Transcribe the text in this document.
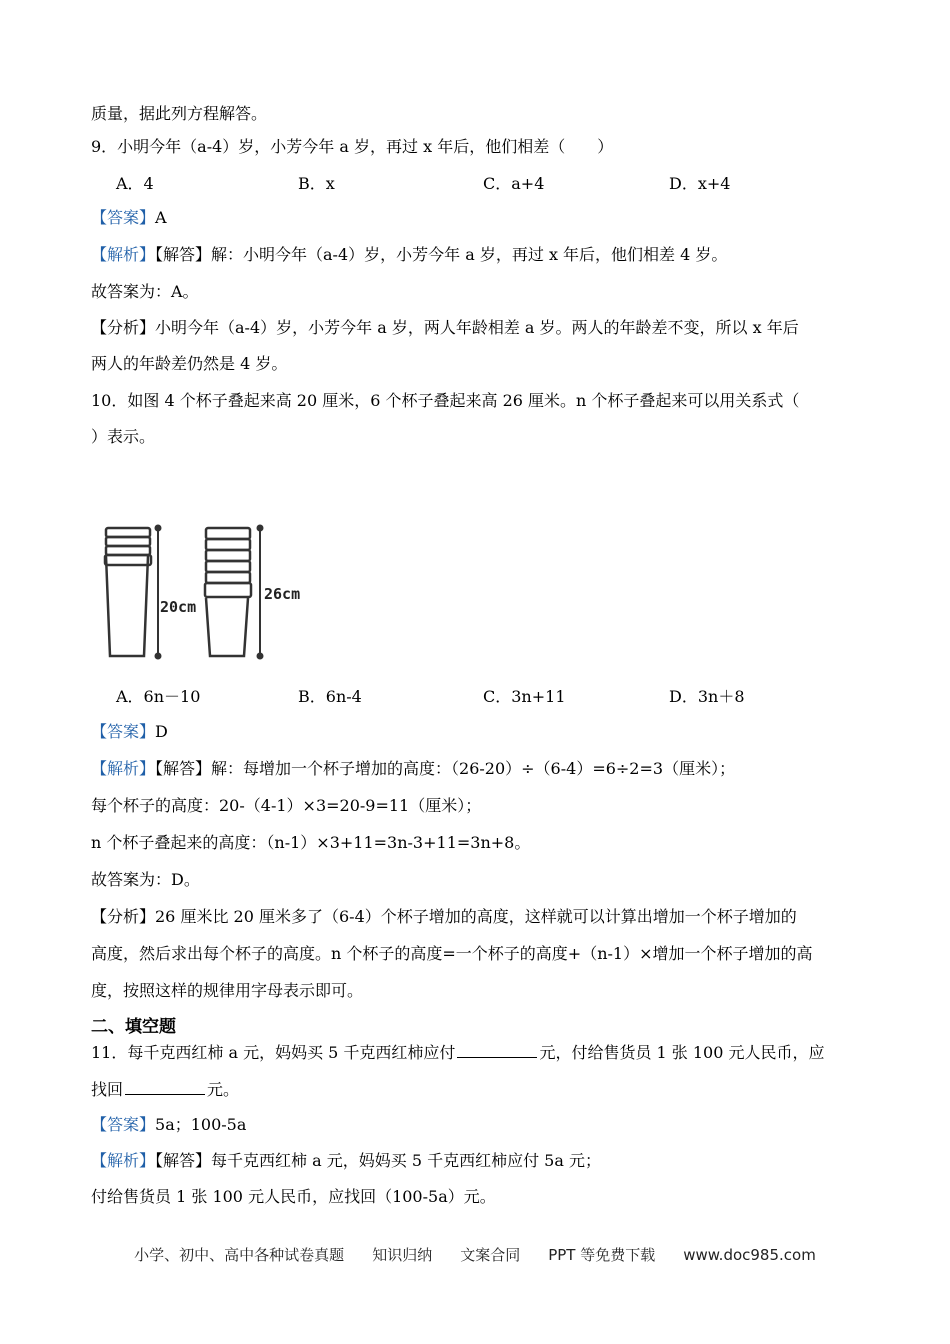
质量，据此列方程解答。
9．小明今年（a-4）岁，小芳今年 a 岁，再过 x 年后，他们相差（　　）
A．4	B．x	C．a+4	D．x+4
【答案】A
【解析】【解答】解：小明今年（a-4）岁，小芳今年 a 岁，再过 x 年后，他们相差 4 岁。
故答案为：A。
【分析】小明今年（a-4）岁，小芳今年 a 岁，两人年龄相差 a 岁。两人的年龄差不变，所以 x 年后
两人的年龄差仍然是 4 岁。
10．如图 4 个杯子叠起来高 20 厘米，6 个杯子叠起来高 26 厘米。n 个杯子叠起来可以用关系式（
）表示。
20cm
26cm
A．6n－10	B．6n-4	C．3n+11	D．3n＋8
【答案】D
【解析】【解答】解：每增加一个杯子增加的高度：（26-20）÷（6-4）=6÷2=3（厘米）；
每个杯子的高度：20-（4-1）×3=20-9=11（厘米）；
n 个杯子叠起来的高度：（n-1）×3+11=3n-3+11=3n+8。
故答案为：D。
【分析】26 厘米比 20 厘米多了（6-4）个杯子增加的高度，这样就可以计算出增加一个杯子增加的
高度，然后求出每个杯子的高度。n 个杯子的高度=一个杯子的高度+（n-1）×增加一个杯子增加的高
度，按照这样的规律用字母表示即可。
二、填空题
11．每千克西红柿 a 元，妈妈买 5 千克西红柿应付	元，付给售货员 1 张 100 元人民币，应
找回	元。
【答案】5a；100-5a
【解析】【解答】每千克西红柿 a 元，妈妈买 5 千克西红柿应付 5a 元；
付给售货员 1 张 100 元人民币，应找回（100-5a）元。
小学、初中、高中各种试卷真题 知识归纳 文案合同 PPT 等免费下载 www.doc985.com
